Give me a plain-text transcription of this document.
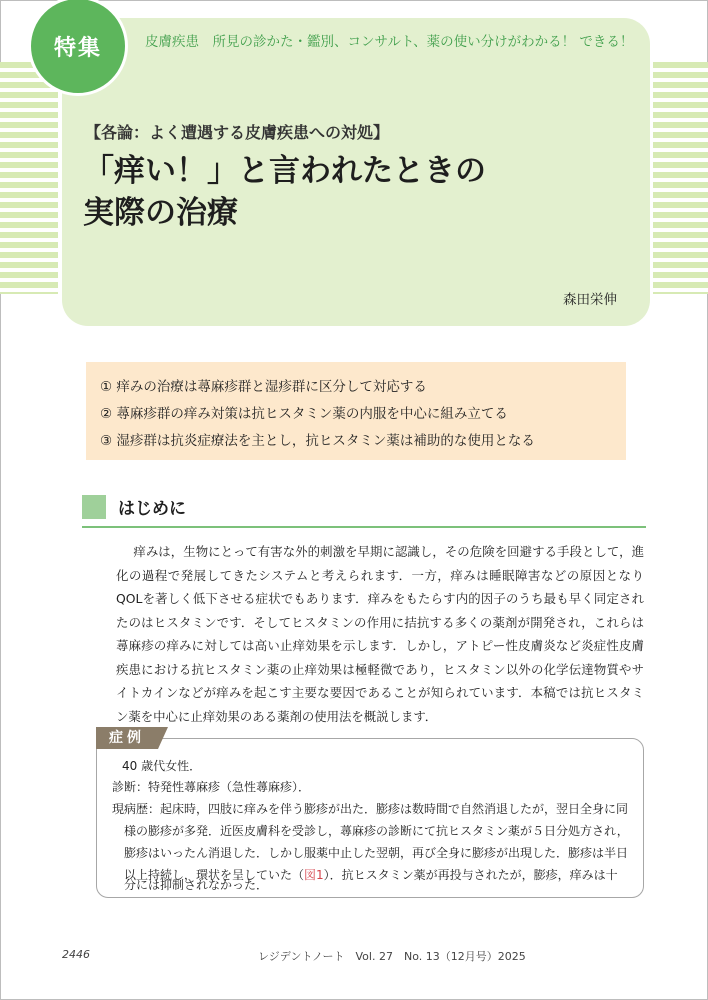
特集	皮膚疾患　所見の診かた・鑑別、コンサルト、薬の使い分けがわかる！ できる！
【各論：よく遭遇する皮膚疾患への対処】
「痒い！」と言われたときの
実際の治療
森田栄伸
① 痒みの治療は蕁麻疹群と湿疹群に区分して対応する
② 蕁麻疹群の痒み対策は抗ヒスタミン薬の内服を中心に組み立てる
③ 湿疹群は抗炎症療法を主とし，抗ヒスタミン薬は補助的な使用となる
はじめに
痒みは，生物にとって有害な外的刺激を早期に認識し，その危険を回避する手段として，進化の過程で発展してきたシステムと考えられます．一方，痒みは睡眠障害などの原因となりQOLを著しく低下させる症状でもあります．痒みをもたらす内的因子のうち最も早く同定されたのはヒスタミンです．そしてヒスタミンの作用に拮抗する多くの薬剤が開発され，これらは蕁麻疹の痒みに対しては高い止痒効果を示します．しかし，アトピー性皮膚炎など炎症性皮膚疾患における抗ヒスタミン薬の止痒効果は極軽微であり，ヒスタミン以外の化学伝達物質やサイトカインなどが痒みを起こす主要な要因であることが知られています．本稿では抗ヒスタミン薬を中心に止痒効果のある薬剤の使用法を概説します．
症例
40 歳代女性．
診断：特発性蕁麻疹（急性蕁麻疹）．
現病歴：起床時，四肢に痒みを伴う膨疹が出た．膨疹は数時間で自然消退したが，翌日全身に同
様の膨疹が多発．近医皮膚科を受診し，蕁麻疹の診断にて抗ヒスタミン薬が５日分処方され，
膨疹はいったん消退した．しかし服薬中止した翌朝，再び全身に膨疹が出現した．膨疹は半日
以上持続し，環状を呈していた（図1）．抗ヒスタミン薬が再投与されたが，膨疹，痒みは十
分には抑制されなかった．
2446	レジデントノート　Vol. 27　No. 13（12月号）2025
